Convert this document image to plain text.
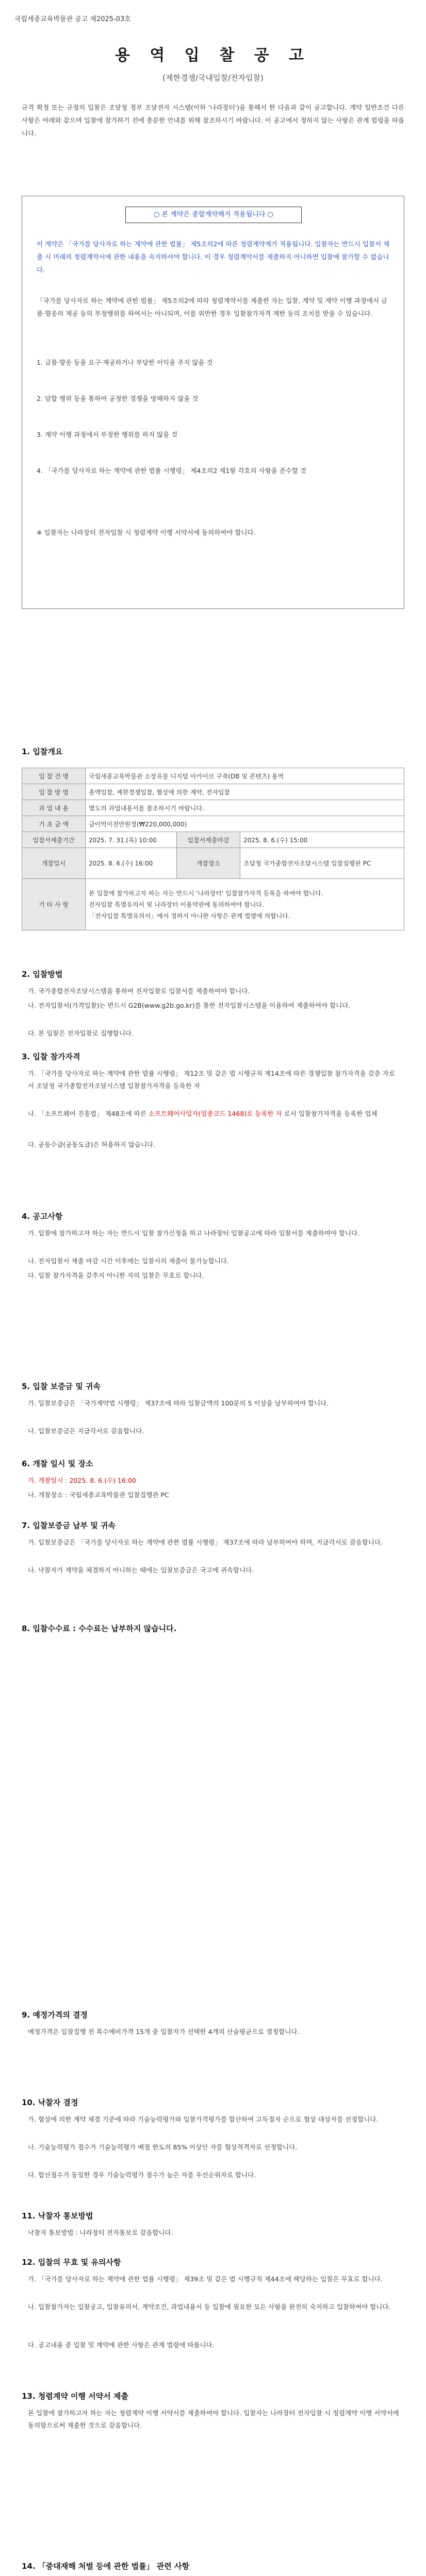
국립세종교육박물관 공고 제2025-03호
용 역 입 찰 공 고
(제한경쟁/국내입찰/전자입찰)
규격 확정 또는 규정의 입찰은 조달청 정부 조달전자 시스템(이하 '나라장터')을 통해서 한 다음과 같이 공고합니다. 계약 일반조건 다른 사항은 아래와 같으며 입찰에 참가하기 전에 충분한 안내를 위해 참조하시기 바랍니다. 이 공고에서 정하지 않는 사항은 관계 법령을 따릅니다.
○ 본 계약은 종합계약해지 적용됩니다 ○
이 계약은 「국가를 당사자로 하는 계약에 관한 법률」 제5조의2에 따른 청렴계약제가 적용됩니다. 입찰자는 반드시 입찰서 제출 시 미래의 청렴계약서에 관한 내용을 숙지하셔야 합니다. 이 경우 청렴계약서를 제출하지 아니하면 입찰에 참가할 수 없습니다.
「국가를 당사자로 하는 계약에 관한 법률」 제5조의2에 따라 청렴계약서를 제출한 자는 입찰, 계약 및 계약 이행 과정에서 금품·향응의 제공 등의 부정행위를 하여서는 아니되며, 이를 위반한 경우 입찰참가자격 제한 등의 조치를 받을 수 있습니다.
1. 금품·향응 등을 요구·제공하거나 부당한 이익을 주지 않을 것
2. 담합 행위 등을 통하여 공정한 경쟁을 방해하지 않을 것
3. 계약 이행 과정에서 부정한 행위를 하지 않을 것
4. 「국가를 당사자로 하는 계약에 관한 법률 시행령」 제4조의2 제1항 각호의 사항을 준수할 것
※ 입찰자는 나라장터 전자입찰 시 청렴계약 이행 서약서에 동의하여야 합니다.
1. 입찰개요
입 찰 건 명	국립세종교육박물관 소장유물 디지털 아카이브 구축(DB 및 콘텐츠) 용역		
입 찰 방 법	총액입찰, 제한경쟁입찰, 협상에 의한 계약, 전자입찰		
과 업 내 용	별도의 과업내용서를 참조하시기 바랍니다.		
기 초 금 액	금이억이천만원정(₩220,000,000)		
입찰서제출기간	2025. 7. 31.(목) 10:00	입찰서제출마감	2025. 8. 6.(수) 15:00
개찰일시	2025. 8. 6.(수) 16:00	개찰장소	조달청 국가종합전자조달시스템 입찰집행관 PC
기 타 사 항	본 입찰에 참가하고자 하는 자는 반드시 '나라장터' 입찰참가자격 등록을 하여야 합니다.
전자입찰 특별유의서 및 나라장터 이용약관에 동의하여야 합니다.
「전자입찰 특별유의서」에서 정하지 아니한 사항은 관계 법령에 의합니다.		
2. 입찰방법
가. 국가종합전자조달시스템을 통하여 전자입찰로 입찰서를 제출하여야 합니다.
나. 전자입찰서(가격입찰)는 반드시 G2B(www.g2b.go.kr)를 통한 전자입찰시스템을 이용하여 제출하여야 합니다.
다. 본 입찰은 전자입찰로 집행합니다.
3. 입찰 참가자격
가. 「국가를 당사자로 하는 계약에 관한 법률 시행령」 제12조 및 같은 법 시행규칙 제14조에 따른 경쟁입찰 참가자격을 갖춘 자로서 조달청 국가종합전자조달시스템 입찰참가자격을 등록한 자
나. 「소프트웨어 진흥법」 제48조에 따른 소프트웨어사업자(업종코드 1468)로 등록한 자 로서 입찰참가자격을 등록한 업체
다. 공동수급(공동도급)은 허용하지 않습니다.
4. 공고사항
가. 입찰에 참가하고자 하는 자는 반드시 입찰 참가신청을 하고 나라장터 입찰공고에 따라 입찰서를 제출하여야 합니다.
나. 전자입찰서 제출 마감 시간 이후에는 입찰서의 제출이 불가능합니다.
다. 입찰 참가자격을 갖추지 아니한 자의 입찰은 무효로 합니다.
5. 입찰 보증금 및 귀속
가. 입찰보증금은 「국가계약법 시행령」 제37조에 따라 입찰금액의 100분의 5 이상을 납부하여야 합니다.
나. 입찰보증금은 지급각서로 갈음합니다.
6. 개찰 일시 및 장소
가. 개찰일시 : 2025. 8. 6.(수) 16:00
나. 개찰장소 : 국립세종교육박물관 입찰집행관 PC
7. 입찰보증금 납부 및 귀속
가. 입찰보증금은 「국가를 당사자로 하는 계약에 관한 법률 시행령」 제37조에 따라 납부하여야 하며, 지급각서로 갈음합니다.
나. 낙찰자가 계약을 체결하지 아니하는 때에는 입찰보증금은 국고에 귀속합니다.
8. 입찰수수료 : 수수료는 납부하지 않습니다.
9. 예정가격의 결정
예정가격은 입찰집행 전 복수예비가격 15개 중 입찰자가 선택한 4개의 산술평균으로 결정합니다.
10. 낙찰자 결정
가. 협상에 의한 계약 체결 기준에 따라 기술능력평가와 입찰가격평가를 합산하여 고득점자 순으로 협상 대상자를 선정합니다.
나. 기술능력평가 점수가 기술능력평가 배점 한도의 85% 이상인 자를 협상적격자로 선정합니다.
다. 합산점수가 동일한 경우 기술능력평가 점수가 높은 자를 우선순위자로 합니다.
11. 낙찰자 통보방법
낙찰자 통보방법 : 나라장터 전자통보로 갈음합니다.
12. 입찰의 무효 및 유의사항
가. 「국가를 당사자로 하는 계약에 관한 법률 시행령」 제39조 및 같은 법 시행규칙 제44조에 해당하는 입찰은 무효로 합니다.
나. 입찰참가자는 입찰공고, 입찰유의서, 계약조건, 과업내용서 등 입찰에 필요한 모든 사항을 완전히 숙지하고 입찰하여야 합니다.
다. 공고내용 중 입찰 및 계약에 관한 사항은 관계 법령에 따릅니다.
13. 청렴계약 이행 서약서 제출
본 입찰에 참가하고자 하는 자는 청렴계약 이행 서약서를 제출하여야 합니다. 입찰자는 나라장터 전자입찰 시 청렴계약 이행 서약서에 동의함으로써 제출한 것으로 갈음합니다.
14. 「중대재해 처벌 등에 관한 법률」 관련 사항
